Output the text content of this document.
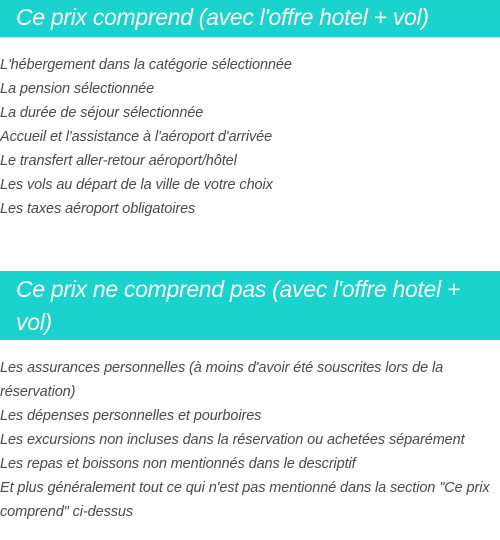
Ce prix comprend (avec l'offre hotel + vol)
L'hébergement dans la catégorie sélectionnée
La pension sélectionnée
La durée de séjour sélectionnée
Accueil et l'assistance à l'aéroport d'arrivée
Le transfert aller-retour aéroport/hôtel
Les vols au départ de la ville de votre choix
Les taxes aéroport obligatoires
Ce prix ne comprend pas (avec l'offre hotel + vol)
Les assurances personnelles (à moins d'avoir été souscrites lors de la réservation)
Les dépenses personnelles et pourboires
Les excursions non incluses dans la réservation ou achetées séparément
Les repas et boissons non mentionnés dans le descriptif
Et plus généralement tout ce qui n'est pas mentionné dans la section "Ce prix comprend" ci-dessus
